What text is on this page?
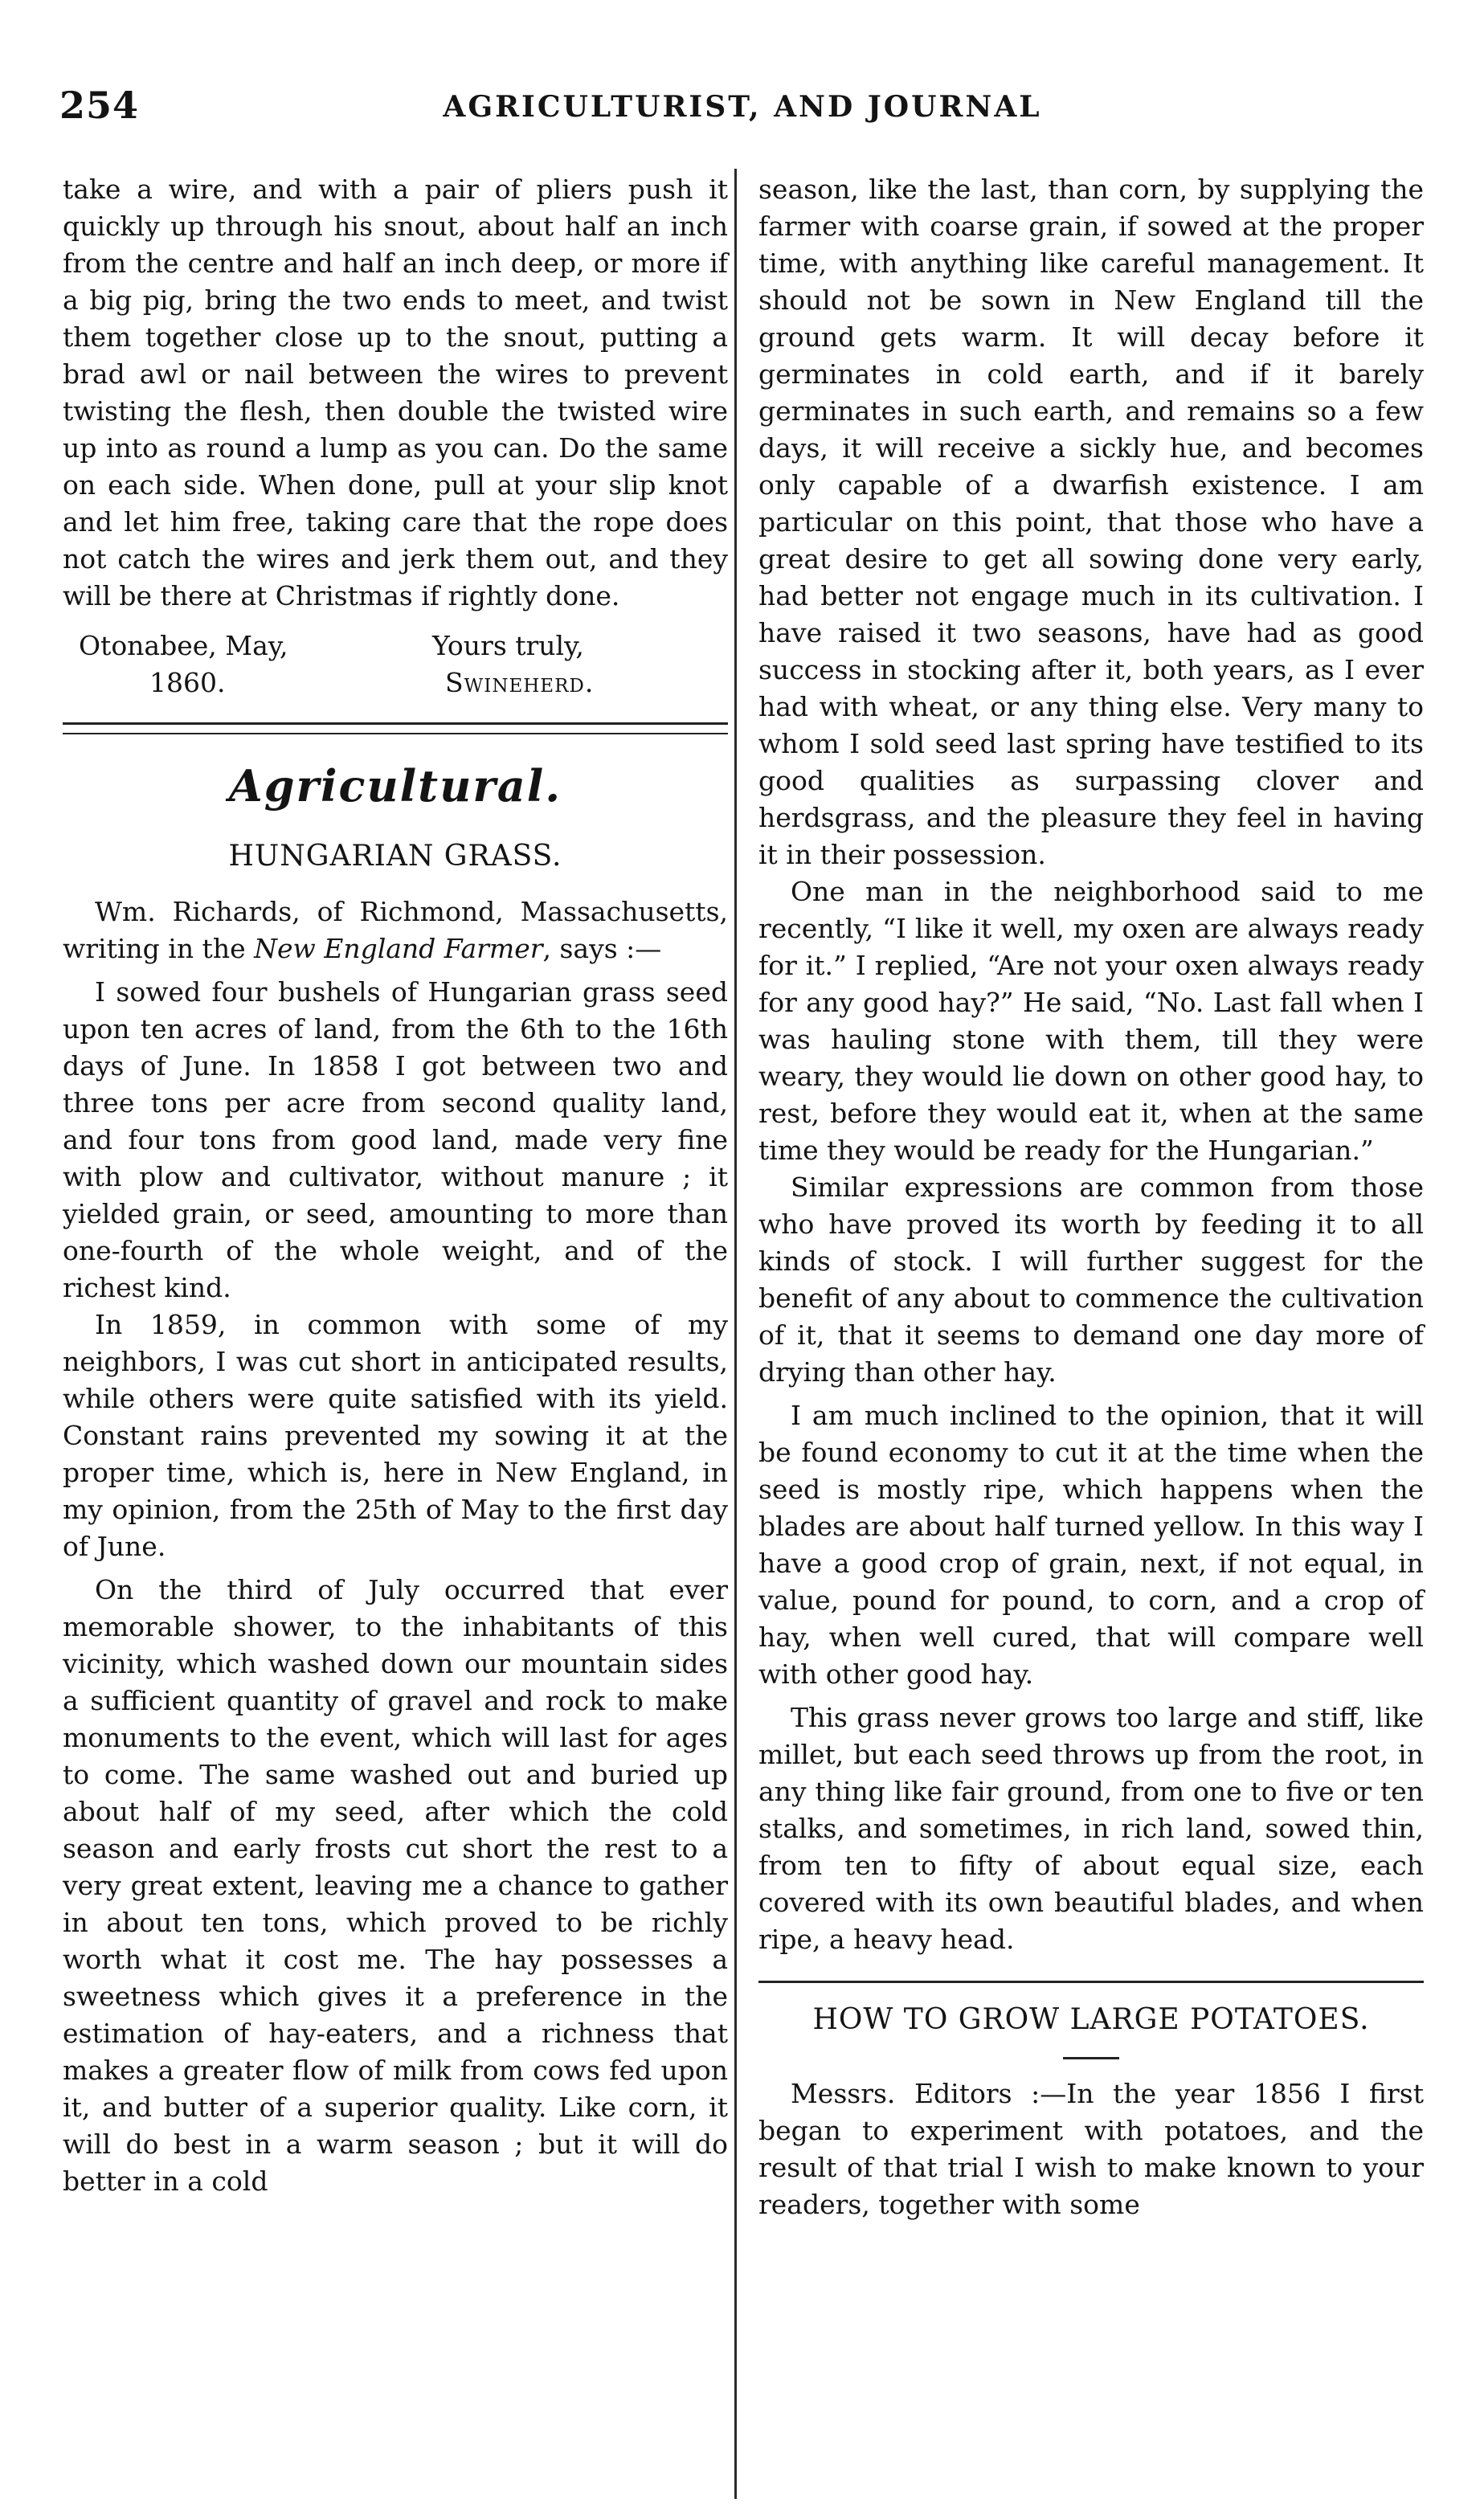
254	AGRICULTURIST, AND JOURNAL

take a wire, and with a pair of pliers push it quickly up through his snout, about half an inch from the centre and half an inch deep, or more if a big pig, bring the two ends to meet, and twist them together close up to the snout, putting a brad awl or nail between the wires to prevent twisting the flesh, then double the twisted wire up into as round a lump as you can. Do the same on each side. When done, pull at your slip knot and let him free, taking care that the rope does not catch the wires and jerk them out, and they will be there at Christmas if rightly done.

Otonabee, May,
1860.
Yours truly,
Swineherd.
Agricultural.
HUNGARIAN GRASS.

Wm. Richards, of Richmond, Massachusetts, writing in the New England Farmer, says :—

I sowed four bushels of Hungarian grass seed upon ten acres of land, from the 6th to the 16th days of June. In 1858 I got between two and three tons per acre from second quality land, and four tons from good land, made very fine with plow and cultivator, without manure ; it yielded grain, or seed, amounting to more than one-fourth of the whole weight, and of the richest kind.

In 1859, in common with some of my neighbors, I was cut short in anticipated results, while others were quite satisfied with its yield. Constant rains prevented my sowing it at the proper time, which is, here in New England, in my opinion, from the 25th of May to the first day of June.

On the third of July occurred that ever memorable shower, to the inhabitants of this vicinity, which washed down our mountain sides a sufficient quantity of gravel and rock to make monuments to the event, which will last for ages to come. The same washed out and buried up about half of my seed, after which the cold season and early frosts cut short the rest to a very great extent, leaving me a chance to gather in about ten tons, which proved to be richly worth what it cost me. The hay possesses a sweetness which gives it a preference in the estimation of hay-eaters, and a richness that makes a greater flow of milk from cows fed upon it, and butter of a superior quality. Like corn, it will do best in a warm season ; but it will do better in a cold

season, like the last, than corn, by supplying the farmer with coarse grain, if sowed at the proper time, with anything like careful management. It should not be sown in New England till the ground gets warm. It will decay before it germinates in cold earth, and if it barely germinates in such earth, and remains so a few days, it will receive a sickly hue, and becomes only capable of a dwarfish existence. I am particular on this point, that those who have a great desire to get all sowing done very early, had better not engage much in its cultivation. I have raised it two seasons, have had as good success in stocking after it, both years, as I ever had with wheat, or any thing else. Very many to whom I sold seed last spring have testified to its good qualities as surpassing clover and herdsgrass, and the pleasure they feel in having it in their possession.

One man in the neighborhood said to me recently, “I like it well, my oxen are always ready for it.” I replied, “Are not your oxen always ready for any good hay?” He said, “No. Last fall when I was hauling stone with them, till they were weary, they would lie down on other good hay, to rest, before they would eat it, when at the same time they would be ready for the Hungarian.”

Similar expressions are common from those who have proved its worth by feeding it to all kinds of stock. I will further suggest for the benefit of any about to commence the cultivation of it, that it seems to demand one day more of drying than other hay.

I am much inclined to the opinion, that it will be found economy to cut it at the time when the seed is mostly ripe, which happens when the blades are about half turned yellow. In this way I have a good crop of grain, next, if not equal, in value, pound for pound, to corn, and a crop of hay, when well cured, that will compare well with other good hay.

This grass never grows too large and stiff, like millet, but each seed throws up from the root, in any thing like fair ground, from one to five or ten stalks, and sometimes, in rich land, sowed thin, from ten to fifty of about equal size, each covered with its own beautiful blades, and when ripe, a heavy head.

HOW TO GROW LARGE POTATOES.

Messrs. Editors :—In the year 1856 I first began to experiment with potatoes, and the result of that trial I wish to make known to your readers, together with some
